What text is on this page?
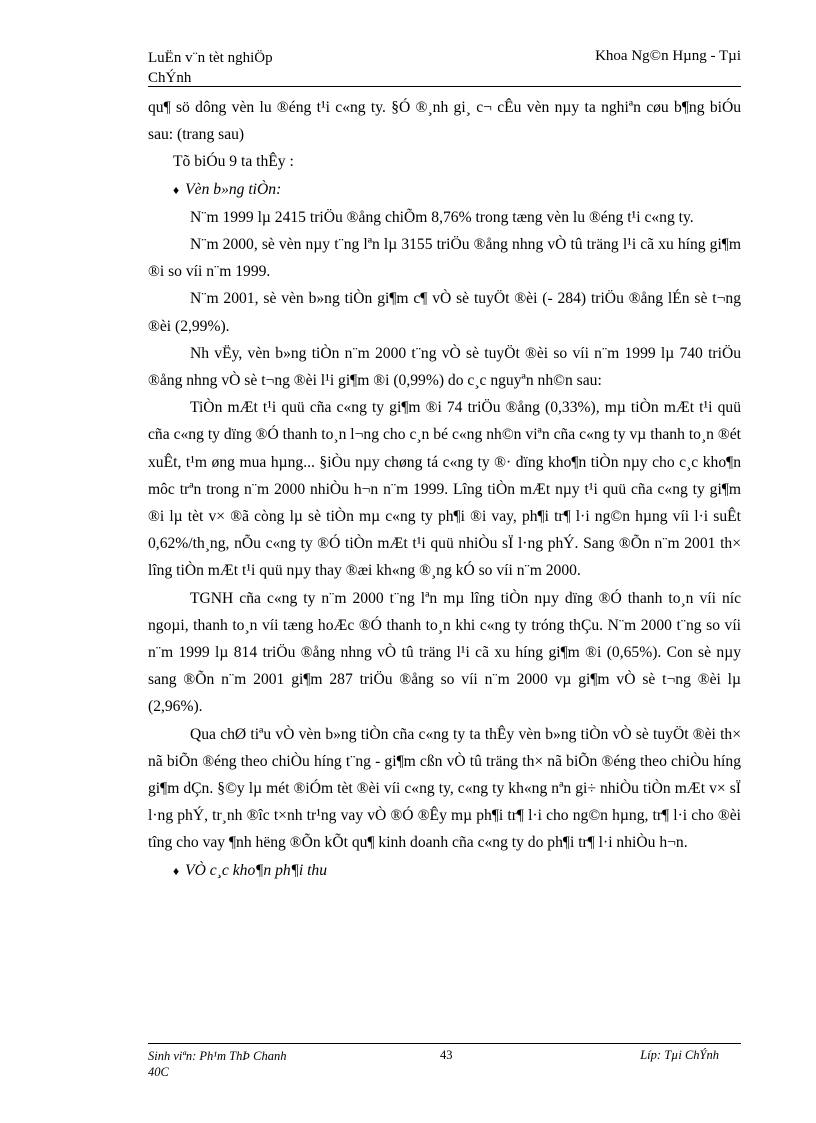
LuËn v¨n tèt nghiÖp
ChÝnh
Khoa Ng©n Hµng - Tµi

qu¶ sö dông vèn lu ®éng t¹i c«ng ty. §Ó ®¸nh gi¸ c¬ cÊu vèn nµy ta nghiªn cøu b¶ng biÓu sau: (trang sau)

Tõ biÓu 9 ta thÊy :

♦ Vèn b»ng tiÒn:

N¨m 1999 lµ 2415 triÖu ®ång chiÕm 8,76% trong tæng vèn lu ®éng t¹i c«ng ty.

N¨m 2000, sè vèn nµy t¨ng lªn lµ 3155 triÖu ®ång nhng vÒ tû träng l¹i cã xu híng gi¶m ®i so víi n¨m 1999.

N¨m 2001, sè vèn b»ng tiÒn gi¶m c¶ vÒ sè tuyÖt ®èi (- 284) triÖu ®ång lÉn sè t¬ng ®èi (2,99%).

Nh vËy, vèn b»ng tiÒn n¨m 2000 t¨ng vÒ sè tuyÖt ®èi so víi n¨m 1999 lµ 740 triÖu ®ång nhng vÒ sè t¬ng ®èi l¹i gi¶m ®i (0,99%) do c¸c nguyªn nh©n sau:

TiÒn mÆt t¹i quü cña c«ng ty gi¶m ®i 74 triÖu ®ång (0,33%), mµ tiÒn mÆt t¹i quü cña c«ng ty dïng ®Ó thanh to¸n l¬ng cho c¸n bé c«ng nh©n viªn cña c«ng ty vµ thanh to¸n ®ét xuÊt, t¹m øng mua hµng... §iÒu nµy chøng tá c«ng ty ®· dïng kho¶n tiÒn nµy cho c¸c kho¶n môc trªn trong n¨m 2000 nhiÒu h¬n n¨m 1999. Lîng tiÒn mÆt nµy t¹i quü cña c«ng ty gi¶m ®i lµ tèt v× ®ã còng lµ sè tiÒn mµ c«ng ty ph¶i ®i vay, ph¶i tr¶ l·i ng©n hµng víi l·i suÊt 0,62%/th¸ng, nÕu c«ng ty ®Ó tiÒn mÆt t¹i quü nhiÒu sÏ l·ng phÝ. Sang ®Õn n¨m 2001 th× lîng tiÒn mÆt t¹i quü nµy thay ®æi kh«ng ®¸ng kÓ so víi n¨m 2000.

TGNH cña c«ng ty n¨m 2000 t¨ng lªn mµ lîng tiÒn nµy dïng ®Ó thanh to¸n víi níc ngoµi, thanh to¸n víi tæng hoÆc ®Ó thanh to¸n khi c«ng ty tróng thÇu. N¨m 2000 t¨ng so víi n¨m 1999 lµ 814 triÖu ®ång nhng vÒ tû träng l¹i cã xu híng gi¶m ®i (0,65%). Con sè nµy sang ®Õn n¨m 2001 gi¶m 287 triÖu ®ång so víi n¨m 2000 vµ gi¶m vÒ sè t¬ng ®èi lµ (2,96%).

Qua chØ tiªu vÒ vèn b»ng tiÒn cña c«ng ty ta thÊy vèn b»ng tiÒn vÒ sè tuyÖt ®èi th× nã biÕn ®éng theo chiÒu híng t¨ng - gi¶m cßn vÒ tû träng th× nã biÕn ®éng theo chiÒu híng gi¶m dÇn. §©y lµ mét ®iÓm tèt ®èi víi c«ng ty, c«ng ty kh«ng nªn gi÷ nhiÒu tiÒn mÆt v× sÏ l·ng phÝ, tr¸nh ®îc t×nh tr¹ng vay vÒ ®Ó ®Êy mµ ph¶i tr¶ l·i cho ng©n hµng, tr¶ l·i cho ®èi tîng cho vay ¶nh hëng ®Õn kÕt qu¶ kinh doanh cña c«ng ty do ph¶i tr¶ l·i nhiÒu h¬n.

♦ VÒ c¸c kho¶n ph¶i thu

Sinh viªn: Ph¹m ThÞ Chanh
40C
43	Líp: Tµi ChÝnh
